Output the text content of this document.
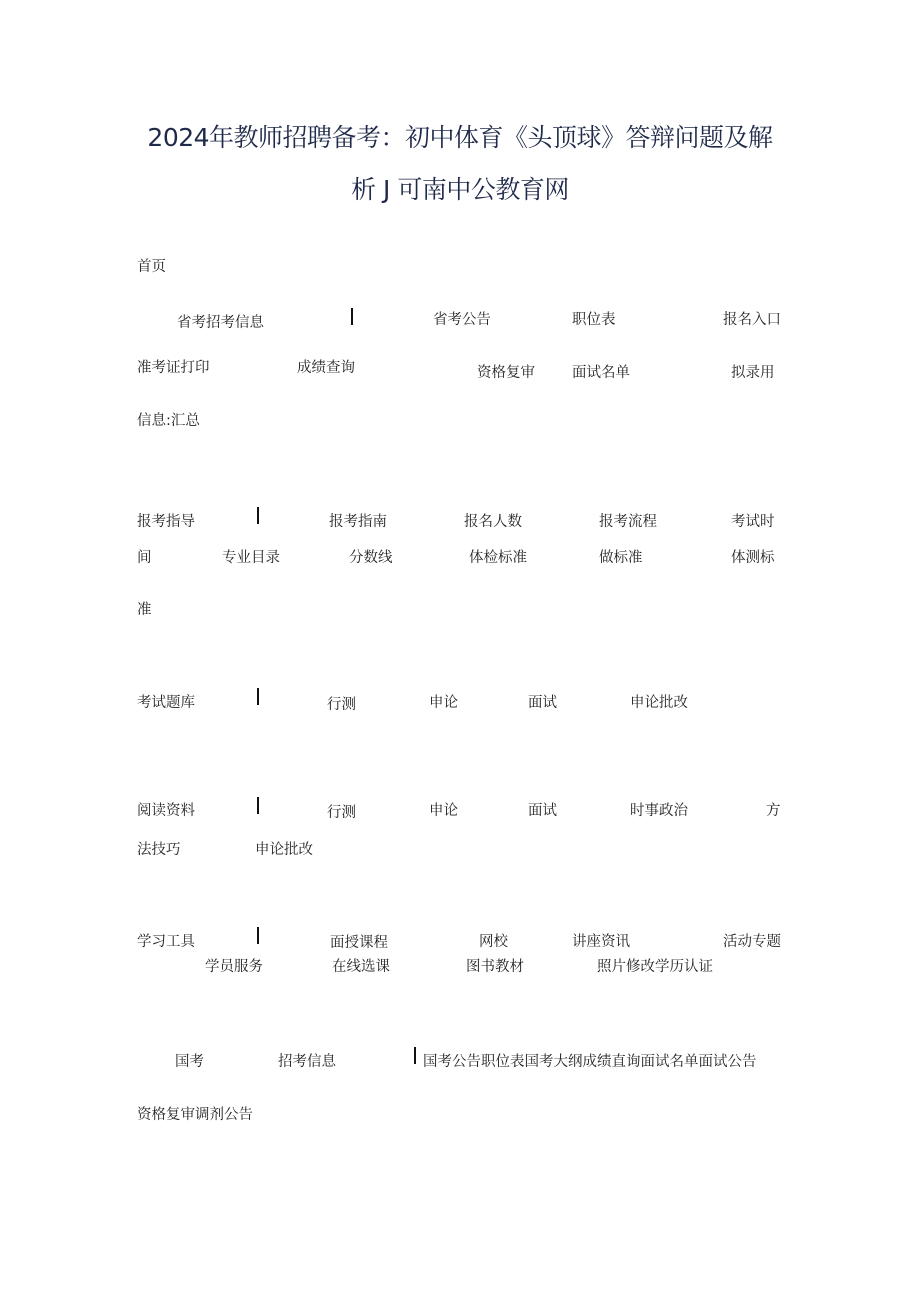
2024年教师招聘备考：初中体育《头顶球》答辩问题及解
析 J 可南中公教育网
首页
省考招考信息	省考公告	职位表	报名入口
准考证打印	成绩查询	资格复审	面试名单	拟录用
信息:汇总
报考指导	报考指南	报名人数	报考流程	考试时
间	专业目录	分数线	体检标准	做标准	体测标
准
考试题库	行测	申论	面试	申论批改
阅读资料	行测	申论	面试	时事政治	方
法技巧	申论批改
学习工具	面授课程	网校	讲座资讯	活动专题
学员服务	在线选课	图书教材	照片修改学历认证
国考	招考信息	国考公告职位表国考大纲成绩直询面试名单面试公告
资格复审调剂公告
